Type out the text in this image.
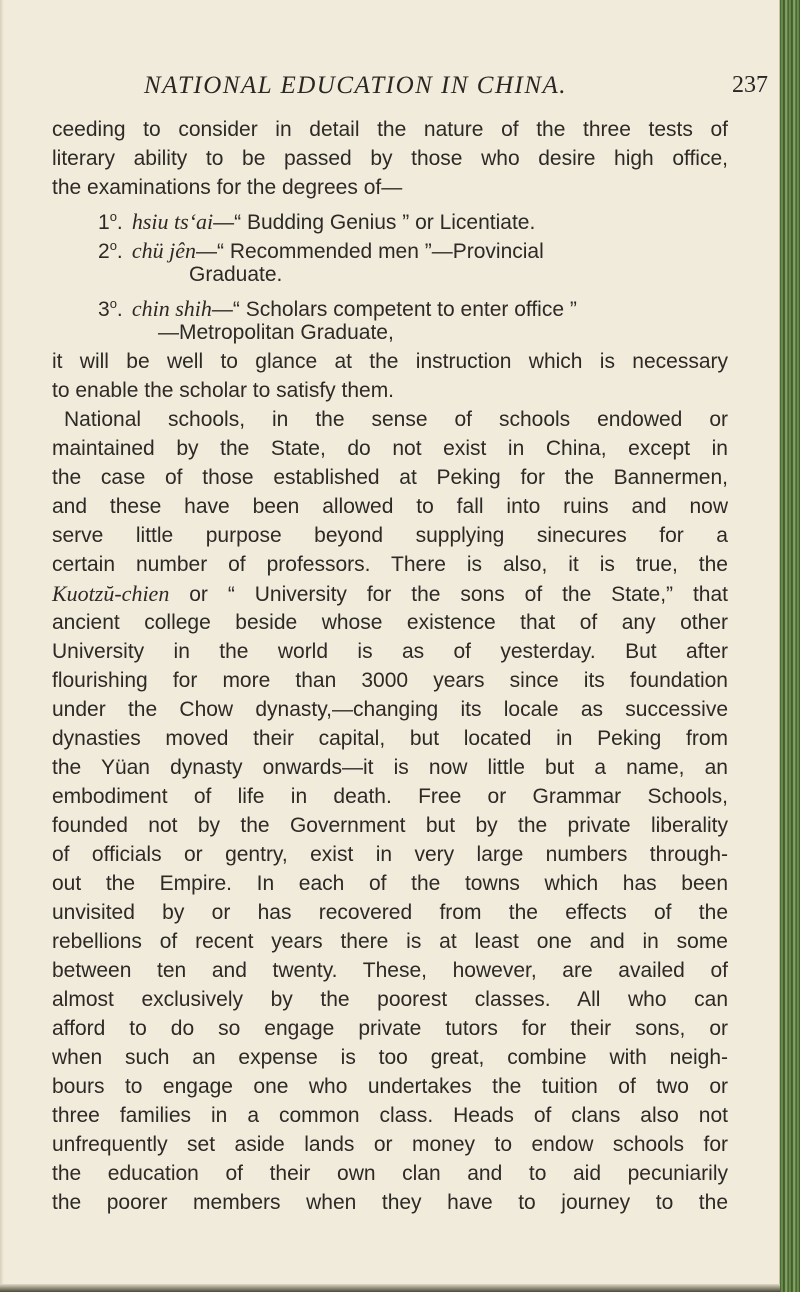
NATIONAL EDUCATION IN CHINA.	237
ceeding to consider in detail the nature of the three tests of
literary ability to be passed by those who desire high office,
the examinations for the degrees of—
1$^o$. hsiu ts‘ai—“ Budding Genius ” or Licentiate.
2$^o$. chü jên—“ Recommended men ”—Provincial
Graduate.
3$^o$. chin shih—“ Scholars competent to enter office ”
—Metropolitan Graduate,
it will be well to glance at the instruction which is necessary
to enable the scholar to satisfy them.
National schools, in the sense of schools endowed or
maintained by the State, do not exist in China, except in
the case of those established at Peking for the Bannermen,
and these have been allowed to fall into ruins and now
serve little purpose beyond supplying sinecures for a
certain number of professors. There is also, it is true, the
Kuotzŭ-chien or “ University for the sons of the State,” that
ancient college beside whose existence that of any other
University in the world is as of yesterday. But after
flourishing for more than 3000 years since its foundation
under the Chow dynasty,—changing its locale as successive
dynasties moved their capital, but located in Peking from
the Yüan dynasty onwards—it is now little but a name, an
embodiment of life in death. Free or Grammar Schools,
founded not by the Government but by the private liberality
of officials or gentry, exist in very large numbers through-
out the Empire. In each of the towns which has been
unvisited by or has recovered from the effects of the
rebellions of recent years there is at least one and in some
between ten and twenty. These, however, are availed of
almost exclusively by the poorest classes. All who can
afford to do so engage private tutors for their sons, or
when such an expense is too great, combine with neigh-
bours to engage one who undertakes the tuition of two or
three families in a common class. Heads of clans also not
unfrequently set aside lands or money to endow schools for
the education of their own clan and to aid pecuniarily
the poorer members when they have to journey to the
